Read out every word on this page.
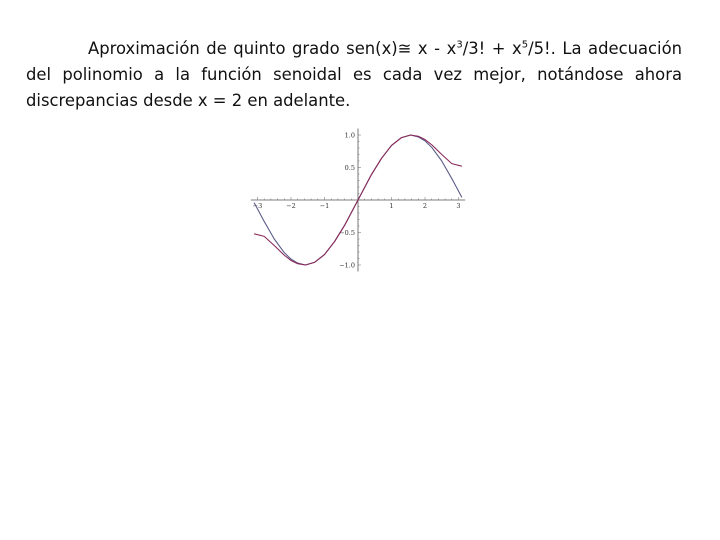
Aproximación de quinto grado sen(x)≅ x - $x^3/3$! + $x^5/5$!. La adecuación del polinomio a la función senoidal es cada vez mejor, notándose ahora discrepancias desde x = 2 en adelante.

−3	−2	−1	1	2	3
1.0
0.5
−0.5
−1.0
